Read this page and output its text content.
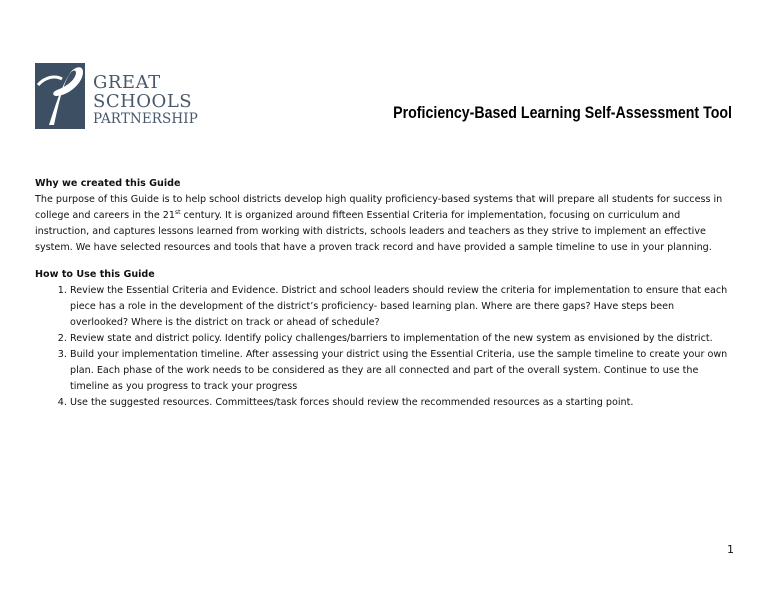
GREAT
SCHOOLS
PARTNERSHIP	Proficiency-Based Learning Self-Assessment Tool

Why we created this Guide

The purpose of this Guide is to help school districts develop high quality proficiency-based systems that will prepare all students for success in college and careers in the 21st century. It is organized around fifteen Essential Criteria for implementation, focusing on curriculum and instruction, and captures lessons learned from working with districts, schools leaders and teachers as they strive to implement an effective system. We have selected resources and tools that have a proven track record and have provided a sample timeline to use in your planning.

How to Use this Guide

1. Review the Essential Criteria and Evidence. District and school leaders should review the criteria for implementation to ensure that each piece has a role in the development of the district’s proficiency- based learning plan. Where are there gaps? Have steps been overlooked? Where is the district on track or ahead of schedule?
2. Review state and district policy. Identify policy challenges/barriers to implementation of the new system as envisioned by the district.
3. Build your implementation timeline. After assessing your district using the Essential Criteria, use the sample timeline to create your own plan. Each phase of the work needs to be considered as they are all connected and part of the overall system. Continue to use the timeline as you progress to track your progress
4. Use the suggested resources. Committees/task forces should review the recommended resources as a starting point.
1
